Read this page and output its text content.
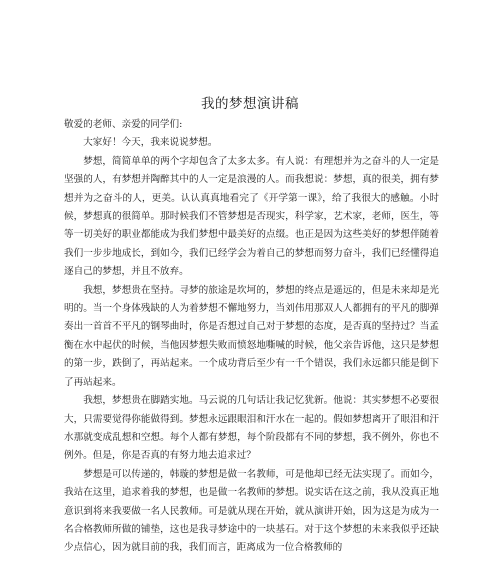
我的梦想演讲稿

敬爱的老师、亲爱的同学们:

大家好！今天，我来说说梦想。

梦想，简简单单的两个字却包含了太多太多。有人说：有理想并为之奋斗的人一定是坚强的人，有梦想并陶醉其中的人一定是浪漫的人。而我想说：梦想，真的很美，拥有梦想并为之奋斗的人，更美。认认真真地看完了《开学第一课》，给了我很大的感触。小时候，梦想真的很简单。那时候我们不管梦想是否现实，科学家，艺术家，老师，医生，等等一切美好的职业都能成为我们梦想中最美好的点缀。也正是因为这些美好的梦想伴随着我们一步步地成长，到如今，我们已经学会为着自己的梦想而努力奋斗，我们已经懂得追逐自己的梦想，并且不放弃。

我想，梦想贵在坚持。寻梦的旅途是坎坷的，梦想的终点是遥远的，但是未来却是光明的。当一个身体残缺的人为着梦想不懈地努力，当刘伟用那双人人都拥有的平凡的脚弹奏出一首首不平凡的钢琴曲时，你是否想过自己对于梦想的态度，是否真的坚持过？当孟衡在水中起伏的时候，当他因梦想失败而愤怒地嘶喊的时候，他父亲告诉他，这只是梦想的第一步，跌倒了，再站起来。一个成功背后至少有一千个错误，我们永远都只能是倒下了再站起来。

我想，梦想贵在脚踏实地。马云说的几句话让我记忆犹新。他说：其实梦想不必要很大，只需要觉得你能做得到。梦想永远跟眼泪和汗水在一起的。假如梦想离开了眼泪和汗水那就变成乱想和空想。每个人都有梦想，每个阶段都有不同的梦想，我不例外，你也不例外。但是，你是否真的有努力地去追求过？

梦想是可以传递的，韩璇的梦想是做一名教师，可是他却已经无法实现了。而如今，我站在这里，追求着我的梦想，也是做一名教师的梦想。说实话在这之前，我从没真正地意识到将来我要做一名人民教师。可是就从现在开始，就从演讲开始，因为这是为成为一名合格教师所做的铺垫，这也是我寻梦途中的一块基石。对于这个梦想的未来我似乎还缺少点信心，因为就目前的我，我们而言，距离成为一位合格教师的
